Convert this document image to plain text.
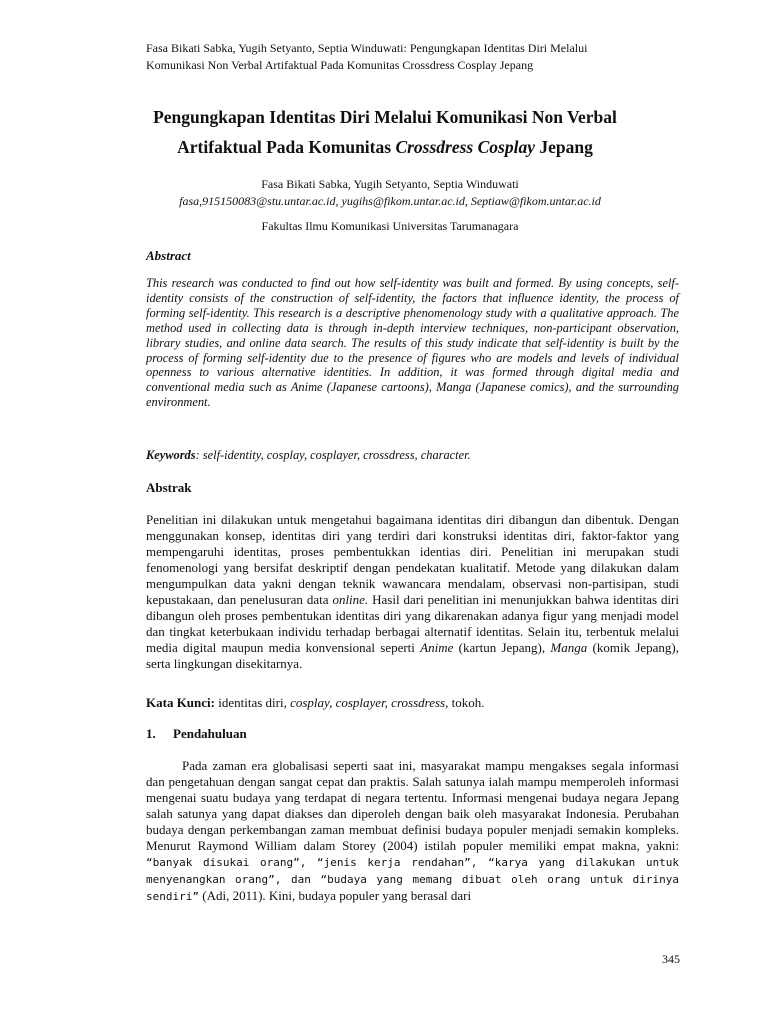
Fasa Bikati Sabka, Yugih Setyanto, Septia Winduwati: Pengungkapan Identitas Diri Melalui
Komunikasi Non Verbal Artifaktual Pada Komunitas Crossdress Cosplay Jepang
Pengungkapan Identitas Diri Melalui Komunikasi Non Verbal
Artifaktual Pada Komunitas Crossdress Cosplay Jepang
Fasa Bikati Sabka, Yugih Setyanto, Septia Winduwati
fasa,915150083@stu.untar.ac.id, yugihs@fikom.untar.ac.id, Septiaw@fikom.untar.ac.id
Fakultas Ilmu Komunikasi Universitas Tarumanagara
Abstract
This research was conducted to find out how self-identity was built and formed. By using concepts, self-identity consists of the construction of self-identity, the factors that influence identity, the process of forming self-identity. This research is a descriptive phenomenology study with a qualitative approach. The method used in collecting data is through in-depth interview techniques, non-participant observation, library studies, and online data search. The results of this study indicate that self-identity is built by the process of forming self-identity due to the presence of figures who are models and levels of individual openness to various alternative identities. In addition, it was formed through digital media and conventional media such as Anime (Japanese cartoons), Manga (Japanese comics), and the surrounding environment.
Keywords: self-identity, cosplay, cosplayer, crossdress, character.
Abstrak
Penelitian ini dilakukan untuk mengetahui bagaimana identitas diri dibangun dan dibentuk. Dengan menggunakan konsep, identitas diri yang terdiri dari konstruksi identitas diri, faktor-faktor yang mempengaruhi identitas, proses pembentukkan identias diri. Penelitian ini merupakan studi fenomenologi yang bersifat deskriptif dengan pendekatan kualitatif. Metode yang dilakukan dalam mengumpulkan data yakni dengan teknik wawancara mendalam, observasi non-partisipan, studi kepustakaan, dan penelusuran data online. Hasil dari penelitian ini menunjukkan bahwa identitas diri dibangun oleh proses pembentukan identitas diri yang dikarenakan adanya figur yang menjadi model dan tingkat keterbukaan individu terhadap berbagai alternatif identitas. Selain itu, terbentuk melalui media digital maupun media konvensional seperti Anime (kartun Jepang), Manga (komik Jepang), serta lingkungan disekitarnya.
Kata Kunci: identitas diri, cosplay, cosplayer, crossdress, tokoh.
1. Pendahuluan
Pada zaman era globalisasi seperti saat ini, masyarakat mampu mengakses segala informasi dan pengetahuan dengan sangat cepat dan praktis. Salah satunya ialah mampu memperoleh informasi mengenai suatu budaya yang terdapat di negara tertentu. Informasi mengenai budaya negara Jepang salah satunya yang dapat diakses dan diperoleh dengan baik oleh masyarakat Indonesia. Perubahan budaya dengan perkembangan zaman membuat definisi budaya populer menjadi semakin kompleks. Menurut Raymond William dalam Storey (2004) istilah populer memiliki empat makna, yakni: “banyak disukai orang”, “jenis kerja rendahan”, “karya yang dilakukan untuk menyenangkan orang”, dan “budaya yang memang dibuat oleh orang untuk dirinya sendiri” (Adi, 2011). Kini, budaya populer yang berasal dari
345
